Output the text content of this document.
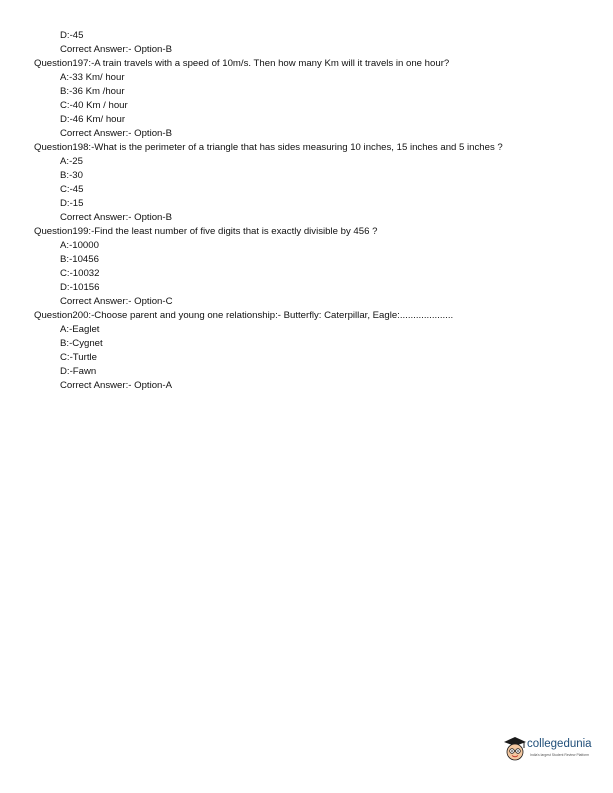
D:-45
Correct Answer:- Option-B
Question197:-A train travels with a speed of 10m/s. Then how many Km will it travels in one hour?
A:-33 Km/ hour
B:-36 Km /hour
C:-40 Km / hour
D:-46 Km/ hour
Correct Answer:- Option-B
Question198:-What is the perimeter of a triangle that has sides measuring 10 inches, 15 inches and 5 inches ?
A:-25
B:-30
C:-45
D:-15
Correct Answer:- Option-B
Question199:-Find the least number of five digits that is exactly divisible by 456 ?
A:-10000
B:-10456
C:-10032
D:-10156
Correct Answer:- Option-C
Question200:-Choose parent and young one relationship:- Butterfly: Caterpillar, Eagle:....................
A:-Eaglet
B:-Cygnet
C:-Turtle
D:-Fawn
Correct Answer:- Option-A
collegedunia
India's largest Student Review Platform
